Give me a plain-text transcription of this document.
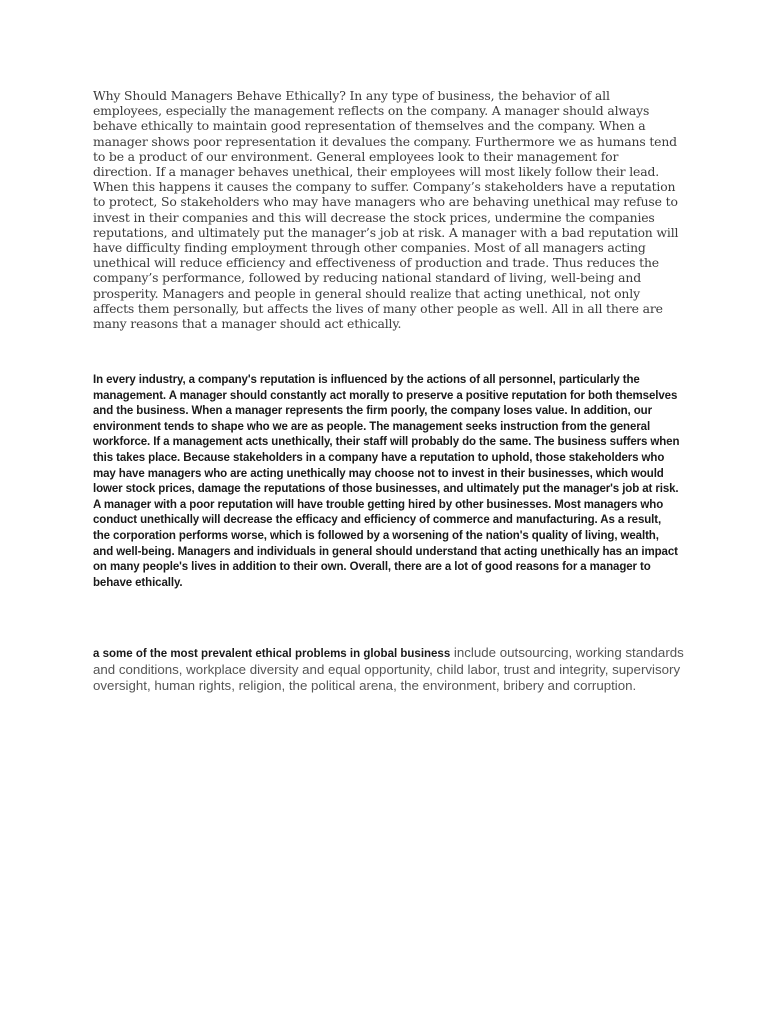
Why Should Managers Behave Ethically? In any type of business, the behavior of all employees, especially the management reflects on the company. A manager should always behave ethically to maintain good representation of themselves and the company. When a manager shows poor representation it devalues the company. Furthermore we as humans tend to be a product of our environment. General employees look to their management for direction. If a manager behaves unethical, their employees will most likely follow their lead. When this happens it causes the company to suffer. Company’s stakeholders have a reputation to protect, So stakeholders who may have managers who are behaving unethical may refuse to invest in their companies and this will decrease the stock prices, undermine the companies reputations, and ultimately put the manager’s job at risk. A manager with a bad reputation will have difficulty finding employment through other companies. Most of all managers acting unethical will reduce efficiency and effectiveness of production and trade. Thus reduces the company’s performance, followed by reducing national standard of living, well-being and prosperity. Managers and people in general should realize that acting unethical, not only affects them personally, but affects the lives of many other people as well. All in all there are many reasons that a manager should act ethically.

In every industry, a company's reputation is influenced by the actions of all personnel, particularly the management. A manager should constantly act morally to preserve a positive reputation for both themselves and the business. When a manager represents the firm poorly, the company loses value. In addition, our environment tends to shape who we are as people. The management seeks instruction from the general workforce. If a management acts unethically, their staff will probably do the same. The business suffers when this takes place. Because stakeholders in a company have a reputation to uphold, those stakeholders who may have managers who are acting unethically may choose not to invest in their businesses, which would lower stock prices, damage the reputations of those businesses, and ultimately put the manager's job at risk. A manager with a poor reputation will have trouble getting hired by other businesses. Most managers who conduct unethically will decrease the efficacy and efficiency of commerce and manufacturing. As a result, the corporation performs worse, which is followed by a worsening of the nation's quality of living, wealth, and well-being. Managers and individuals in general should understand that acting unethically has an impact on many people's lives in addition to their own. Overall, there are a lot of good reasons for a manager to behave ethically.

a some of the most prevalent ethical problems in global business include outsourcing, working standards and conditions, workplace diversity and equal opportunity, child labor, trust and integrity, supervisory oversight, human rights, religion, the political arena, the environment, bribery and corruption.
